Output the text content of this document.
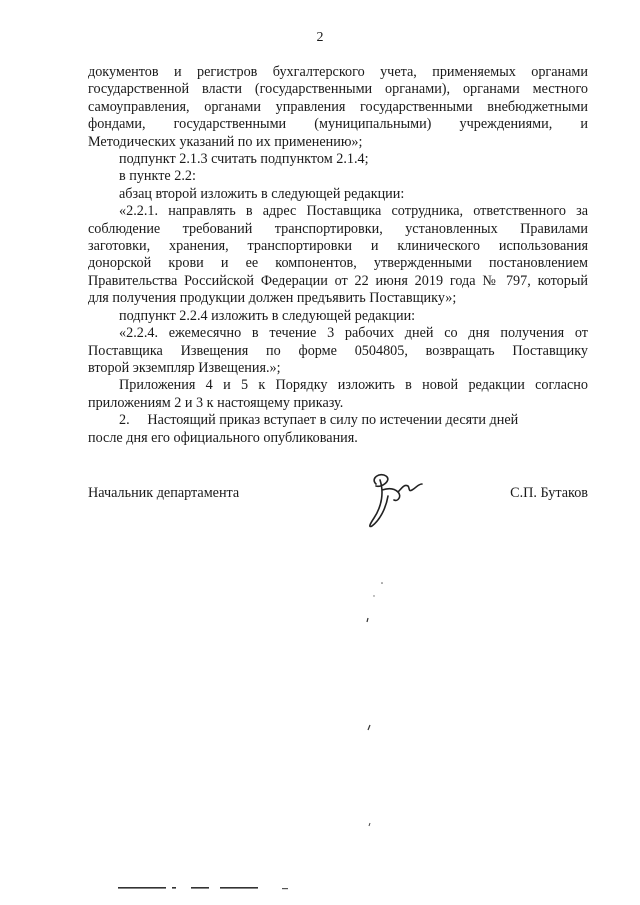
2

документов и регистров бухгалтерского учета, применяемых органами
государственной власти (государственными органами), органами местного
самоуправления, органами управления государственными внебюджетными
фондами, государственными (муниципальными) учреждениями, и
Методических указаний по их применению»;

подпункт 2.1.3 считать подпунктом 2.1.4;

в пункте 2.2:

абзац второй изложить в следующей редакции:

«2.2.1. направлять в адрес Поставщика сотрудника, ответственного за
соблюдение требований транспортировки, установленных Правилами
заготовки, хранения, транспортировки и клинического использования
донорской крови и ее компонентов, утвержденными постановлением
Правительства Российской Федерации от 22 июня 2019 года № 797, который
для получения продукции должен предъявить Поставщику»;

подпункт 2.2.4 изложить в следующей редакции:

«2.2.4. ежемесячно в течение 3 рабочих дней со дня получения от
Поставщика Извещения по форме 0504805, возвращать Поставщику
второй экземпляр Извещения.»;

Приложения 4 и 5 к Порядку изложить в новой редакции согласно
приложениям 2 и 3 к настоящему приказу.

2.     Настоящий приказ вступает в силу по истечении десяти дней
после дня его официального опубликования.

Начальник департамента	С.П. Бутаков
